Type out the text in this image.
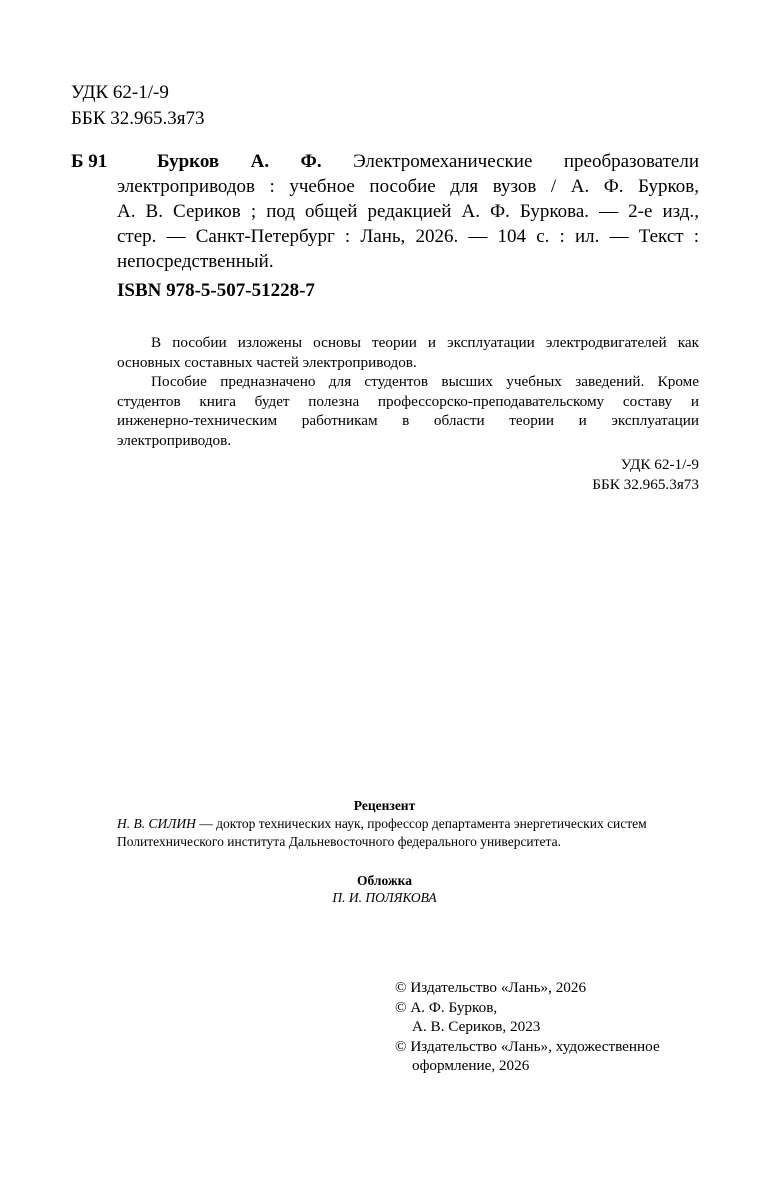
УДК 62-1/-9
ББК 32.965.3я73
Б 91	Бурков А. Ф. Электромеханические преобразователи
электроприводов : учебное пособие для вузов / А. Ф. Бурков,
А. В. Сериков ; под общей редакцией А. Ф. Буркова. — 2-е изд.,
стер. — Санкт-Петербург : Лань, 2026. — 104 с. : ил. — Текст :
непосредственный.
ISBN 978-5-507-51228-7
В пособии изложены основы теории и эксплуатации электродвигателей как
основных составных частей электроприводов.
Пособие предназначено для студентов высших учебных заведений. Кроме
студентов книга будет полезна профессорско-преподавательскому составу и
инженерно-техническим работникам в области теории и эксплуатации
электроприводов.
УДК 62-1/-9
ББК 32.965.3я73
Рецензент
Н. В. СИЛИН — доктор технических наук, профессор департамента энергетических систем
Политехнического института Дальневосточного федерального университета.
Обложка
П. И. ПОЛЯКОВА
© Издательство «Лань», 2026
© А. Ф. Бурков,
А. В. Сериков, 2023
© Издательство «Лань», художественное
оформление, 2026
